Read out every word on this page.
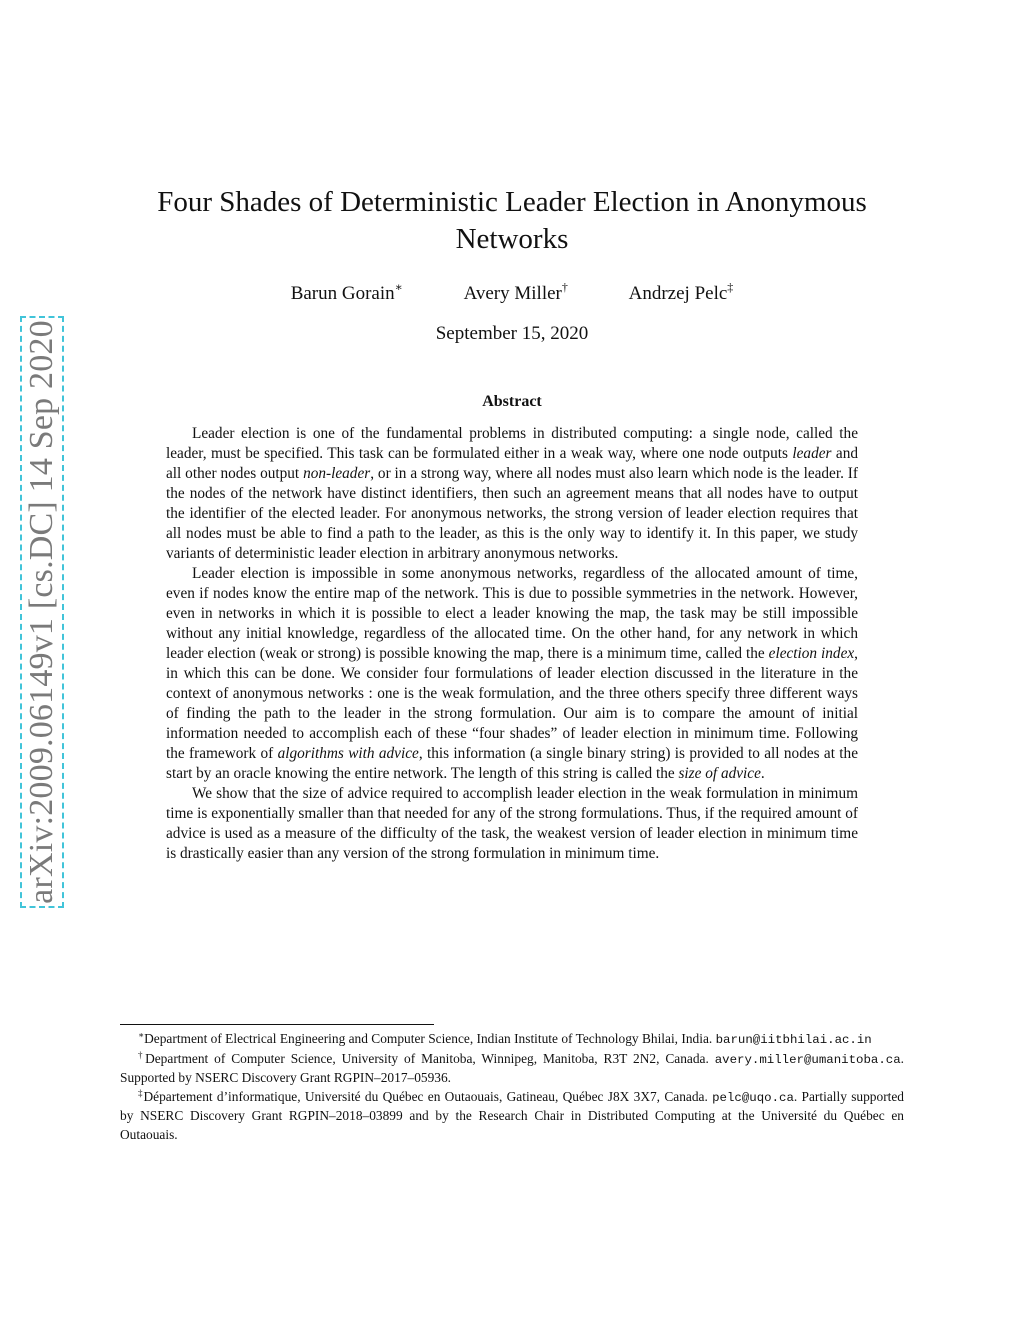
arXiv:2009.06149v1 [cs.DC] 14 Sep 2020
Four Shades of Deterministic Leader Election in Anonymous Networks
Barun Gorain∗	Avery Miller†	Andrzej Pelc‡
September 15, 2020
Abstract

Leader election is one of the fundamental problems in distributed computing: a single node, called the leader, must be specified. This task can be formulated either in a weak way, where one node outputs leader and all other nodes output non-leader, or in a strong way, where all nodes must also learn which node is the leader. If the nodes of the network have distinct identifiers, then such an agreement means that all nodes have to output the identifier of the elected leader. For anonymous networks, the strong version of leader election requires that all nodes must be able to find a path to the leader, as this is the only way to identify it. In this paper, we study variants of deterministic leader election in arbitrary anonymous networks.

Leader election is impossible in some anonymous networks, regardless of the allocated amount of time, even if nodes know the entire map of the network. This is due to possible symmetries in the network. However, even in networks in which it is possible to elect a leader knowing the map, the task may be still impossible without any initial knowledge, regardless of the allocated time. On the other hand, for any network in which leader election (weak or strong) is possible knowing the map, there is a minimum time, called the election index, in which this can be done. We consider four formulations of leader election discussed in the literature in the context of anonymous networks : one is the weak formulation, and the three others specify three different ways of finding the path to the leader in the strong formulation. Our aim is to compare the amount of initial information needed to accomplish each of these “four shades” of leader election in minimum time. Following the framework of algorithms with advice, this information (a single binary string) is provided to all nodes at the start by an oracle knowing the entire network. The length of this string is called the size of advice.

We show that the size of advice required to accomplish leader election in the weak formulation in minimum time is exponentially smaller than that needed for any of the strong formulations. Thus, if the required amount of advice is used as a measure of the difficulty of the task, the weakest version of leader election in minimum time is drastically easier than any version of the strong formulation in minimum time.

∗Department of Electrical Engineering and Computer Science, Indian Institute of Technology Bhilai, India. barun@iitbhilai.ac.in

†Department of Computer Science, University of Manitoba, Winnipeg, Manitoba, R3T 2N2, Canada. avery.miller@umanitoba.ca. Supported by NSERC Discovery Grant RGPIN–2017–05936.

‡Département d’informatique, Université du Québec en Outaouais, Gatineau, Québec J8X 3X7, Canada. pelc@uqo.ca. Partially supported by NSERC Discovery Grant RGPIN–2018–03899 and by the Research Chair in Distributed Computing at the Université du Québec en Outaouais.
